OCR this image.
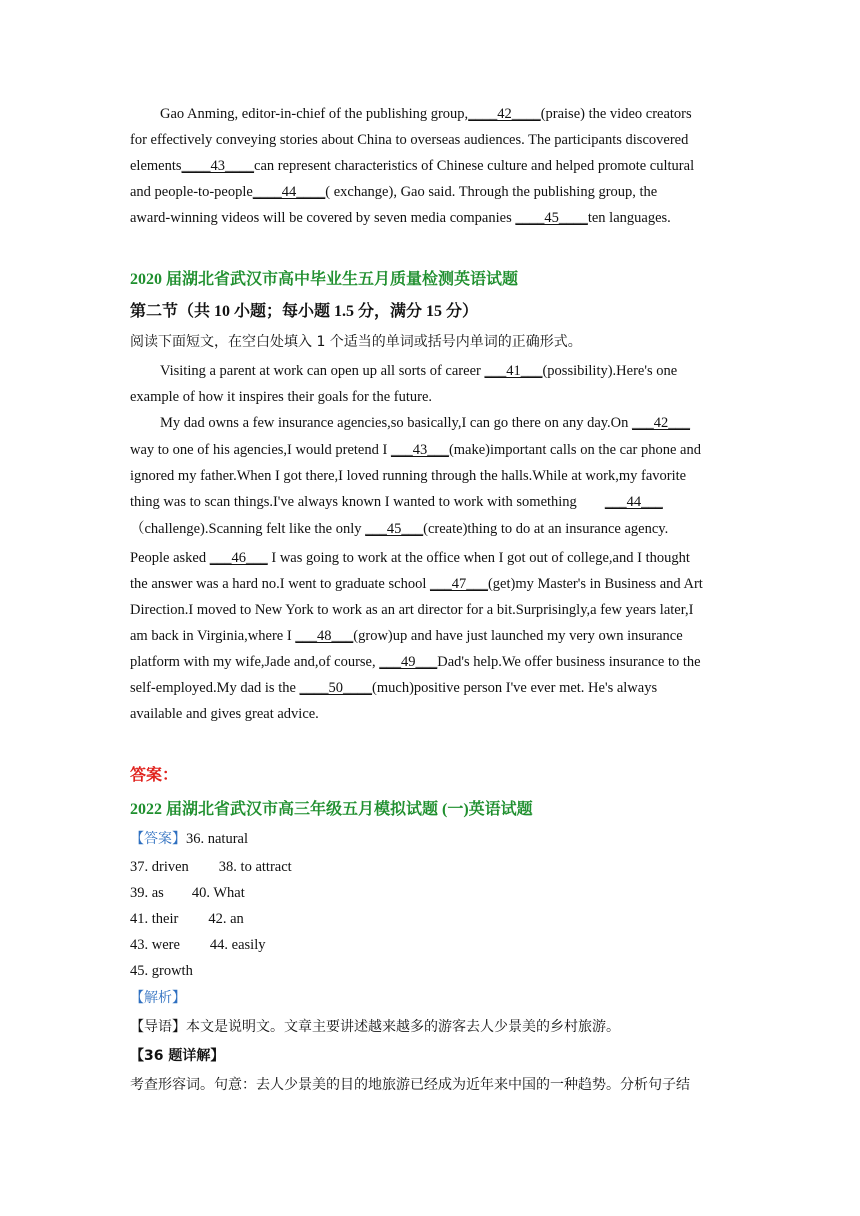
Gao Anming, editor-in-chief of the publishing group,____42____(praise) the video creators
for effectively conveying stories about China to overseas audiences. The participants discovered
elements____43____can represent characteristics of Chinese culture and helped promote cultural
and people-to-people____44____( exchange), Gao said. Through the publishing group, the
award-winning videos will be covered by seven media companies ____45____ten languages.
2020 届湖北省武汉市高中毕业生五月质量检测英语试题
第二节（共 10 小题；每小题 1.5 分，满分 15 分）
阅读下面短文，在空白处填入 1 个适当的单词或括号内单词的正确形式。
Visiting a parent at work can open up all sorts of career ___41___(possibility).Here's one
example of how it inspires their goals for the future.
My dad owns a few insurance agencies,so basically,I can go there on any day.On ___42___
way to one of his agencies,I would pretend I ___43___(make)important calls on the car phone and
ignored my father.When I got there,I loved running through the halls.While at work,my favorite
thing was to scan things.I've always known I wanted to work with something ___44___
（challenge).Scanning felt like the only ___45___(create)thing to do at an insurance agency.
People asked ___46___ I was going to work at the office when I got out of college,and I thought
the answer was a hard no.I went to graduate school ___47___(get)my Master's in Business and Art
Direction.I moved to New York to work as an art director for a bit.Surprisingly,a few years later,I
am back in Virginia,where I ___48___(grow)up and have just launched my very own insurance
platform with my wife,Jade and,of course, ___49___Dad's help.We offer business insurance to the
self-employed.My dad is the ____50____(much)positive person I've ever met. He's always
available and gives great advice.
答案：
2022 届湖北省武汉市高三年级五月模拟试题 (一)英语试题
【答案】36. natural
37. driven 38. to attract
39. as 40. What
41. their 42. an
43. were 44. easily
45. growth
【解析】
【导语】本文是说明文。文章主要讲述越来越多的游客去人少景美的乡村旅游。
【36 题详解】
考查形容词。句意：去人少景美的目的地旅游已经成为近年来中国的一种趋势。分析句子结
